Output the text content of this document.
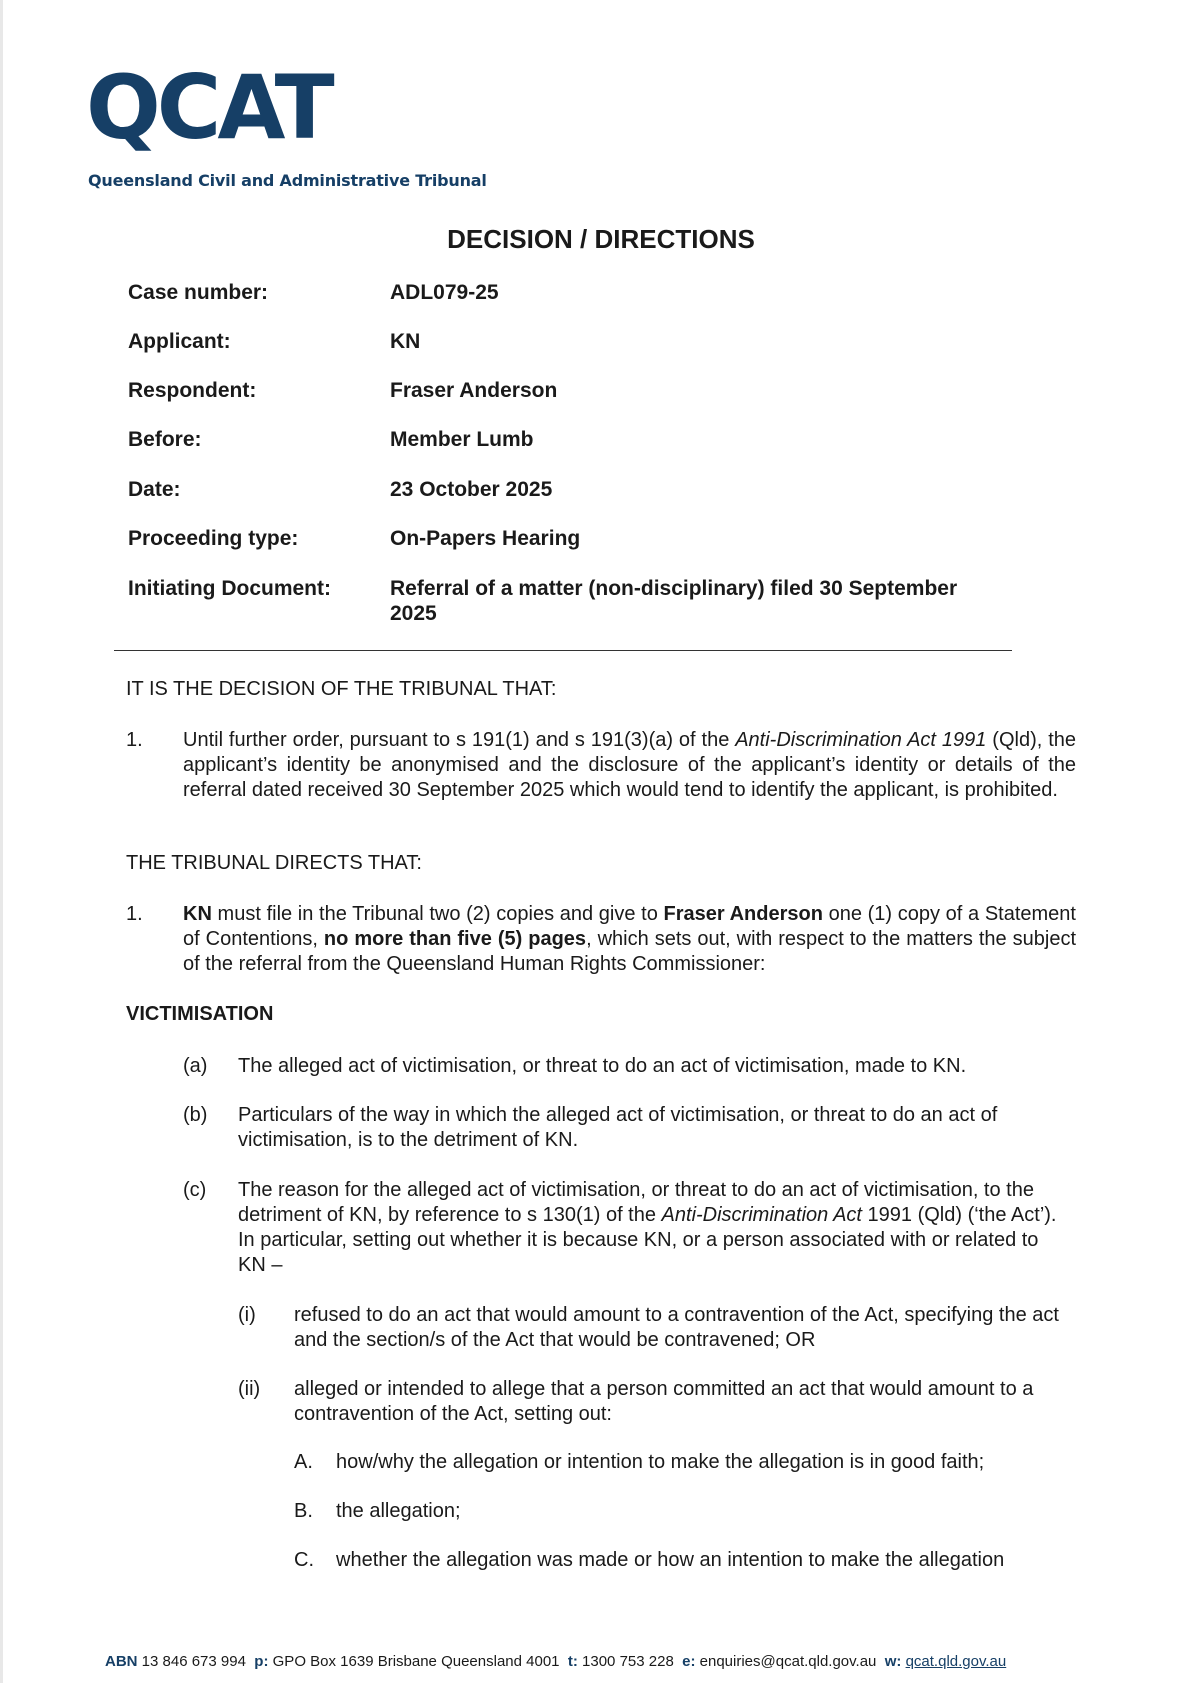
QCAT
Queensland Civil and Administrative Tribunal
DECISION / DIRECTIONS
Case number:	ADL079-25
Applicant:	KN
Respondent:	Fraser Anderson
Before:	Member Lumb
Date:	23 October 2025
Proceeding type:	On-Papers Hearing
Initiating Document:	Referral of a matter (non-disciplinary) filed 30 September 2025
IT IS THE DECISION OF THE TRIBUNAL THAT:
1. Until further order, pursuant to s 191(1) and s 191(3)(a) of the Anti-Discrimination Act 1991 (Qld), the applicant’s identity be anonymised and the disclosure of the applicant’s identity or details of the referral dated received 30 September 2025 which would tend to identify the applicant, is prohibited.
THE TRIBUNAL DIRECTS THAT:
1. KN must file in the Tribunal two (2) copies and give to Fraser Anderson one (1) copy of a Statement of Contentions, no more than five (5) pages, which sets out, with respect to the matters the subject of the referral from the Queensland Human Rights Commissioner:
VICTIMISATION
(a) The alleged act of victimisation, or threat to do an act of victimisation, made to KN.
(b) Particulars of the way in which the alleged act of victimisation, or threat to do an act of victimisation, is to the detriment of KN.
(c) The reason for the alleged act of victimisation, or threat to do an act of victimisation, to the detriment of KN, by reference to s 130(1) of the Anti-Discrimination Act 1991 (Qld) (‘the Act’). In particular, setting out whether it is because KN, or a person associated with or related to KN –
(i) refused to do an act that would amount to a contravention of the Act, specifying the act and the section/s of the Act that would be contravened; OR
(ii) alleged or intended to allege that a person committed an act that would amount to a contravention of the Act, setting out:
A. how/why the allegation or intention to make the allegation is in good faith;
B. the allegation;
C. whether the allegation was made or how an intention to make the allegation
ABN 13 846 673 994 p: GPO Box 1639 Brisbane Queensland 4001 t: 1300 753 228 e: enquiries@qcat.qld.gov.au w: qcat.qld.gov.au
